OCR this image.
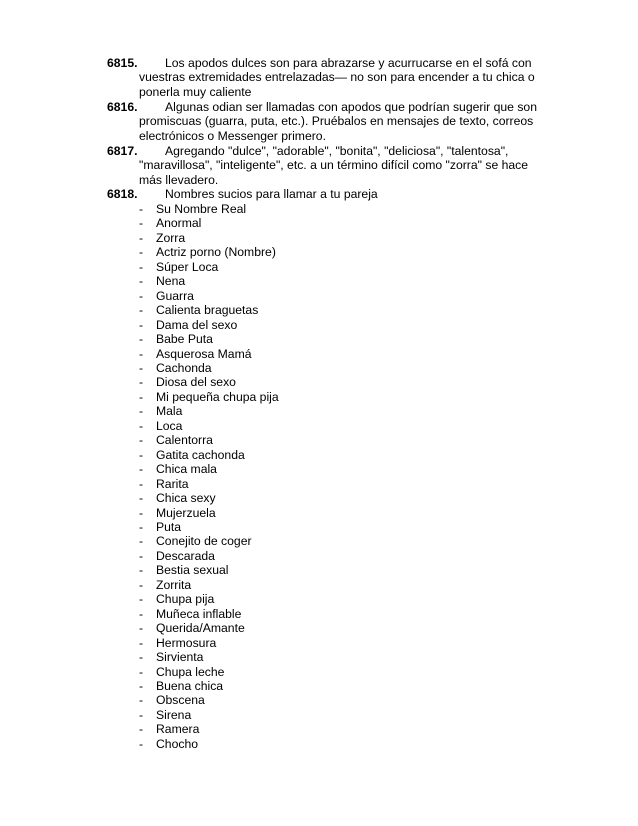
6815.	Los apodos dulces son para abrazarse y acurrucarse en el sofá con vuestras extremidades entrelazadas— no son para encender a tu chica o ponerla muy caliente
6816.	Algunas odian ser llamadas con apodos que podrían sugerir que son promiscuas (guarra, puta, etc.). Pruébalos en mensajes de texto, correos electrónicos o Messenger primero.
6817.	Agregando "dulce", "adorable", "bonita", "deliciosa", "talentosa", "maravillosa", "inteligente", etc. a un término difícil como "zorra" se hace más llevadero.
6818.	Nombres sucios para llamar a tu pareja
- Su Nombre Real
- Anormal
- Zorra
- Actriz porno (Nombre)
- Súper Loca
- Nena
- Guarra
- Calienta braguetas
- Dama del sexo
- Babe Puta
- Asquerosa Mamá
- Cachonda
- Diosa del sexo
- Mi pequeña chupa pija
- Mala
- Loca
- Calentorra
- Gatita cachonda
- Chica mala
- Rarita
- Chica sexy
- Mujerzuela
- Puta
- Conejito de coger
- Descarada
- Bestia sexual
- Zorrita
- Chupa pija
- Muñeca inflable
- Querida/Amante
- Hermosura
- Sirvienta
- Chupa leche
- Buena chica
- Obscena
- Sirena
- Ramera
- Chocho
